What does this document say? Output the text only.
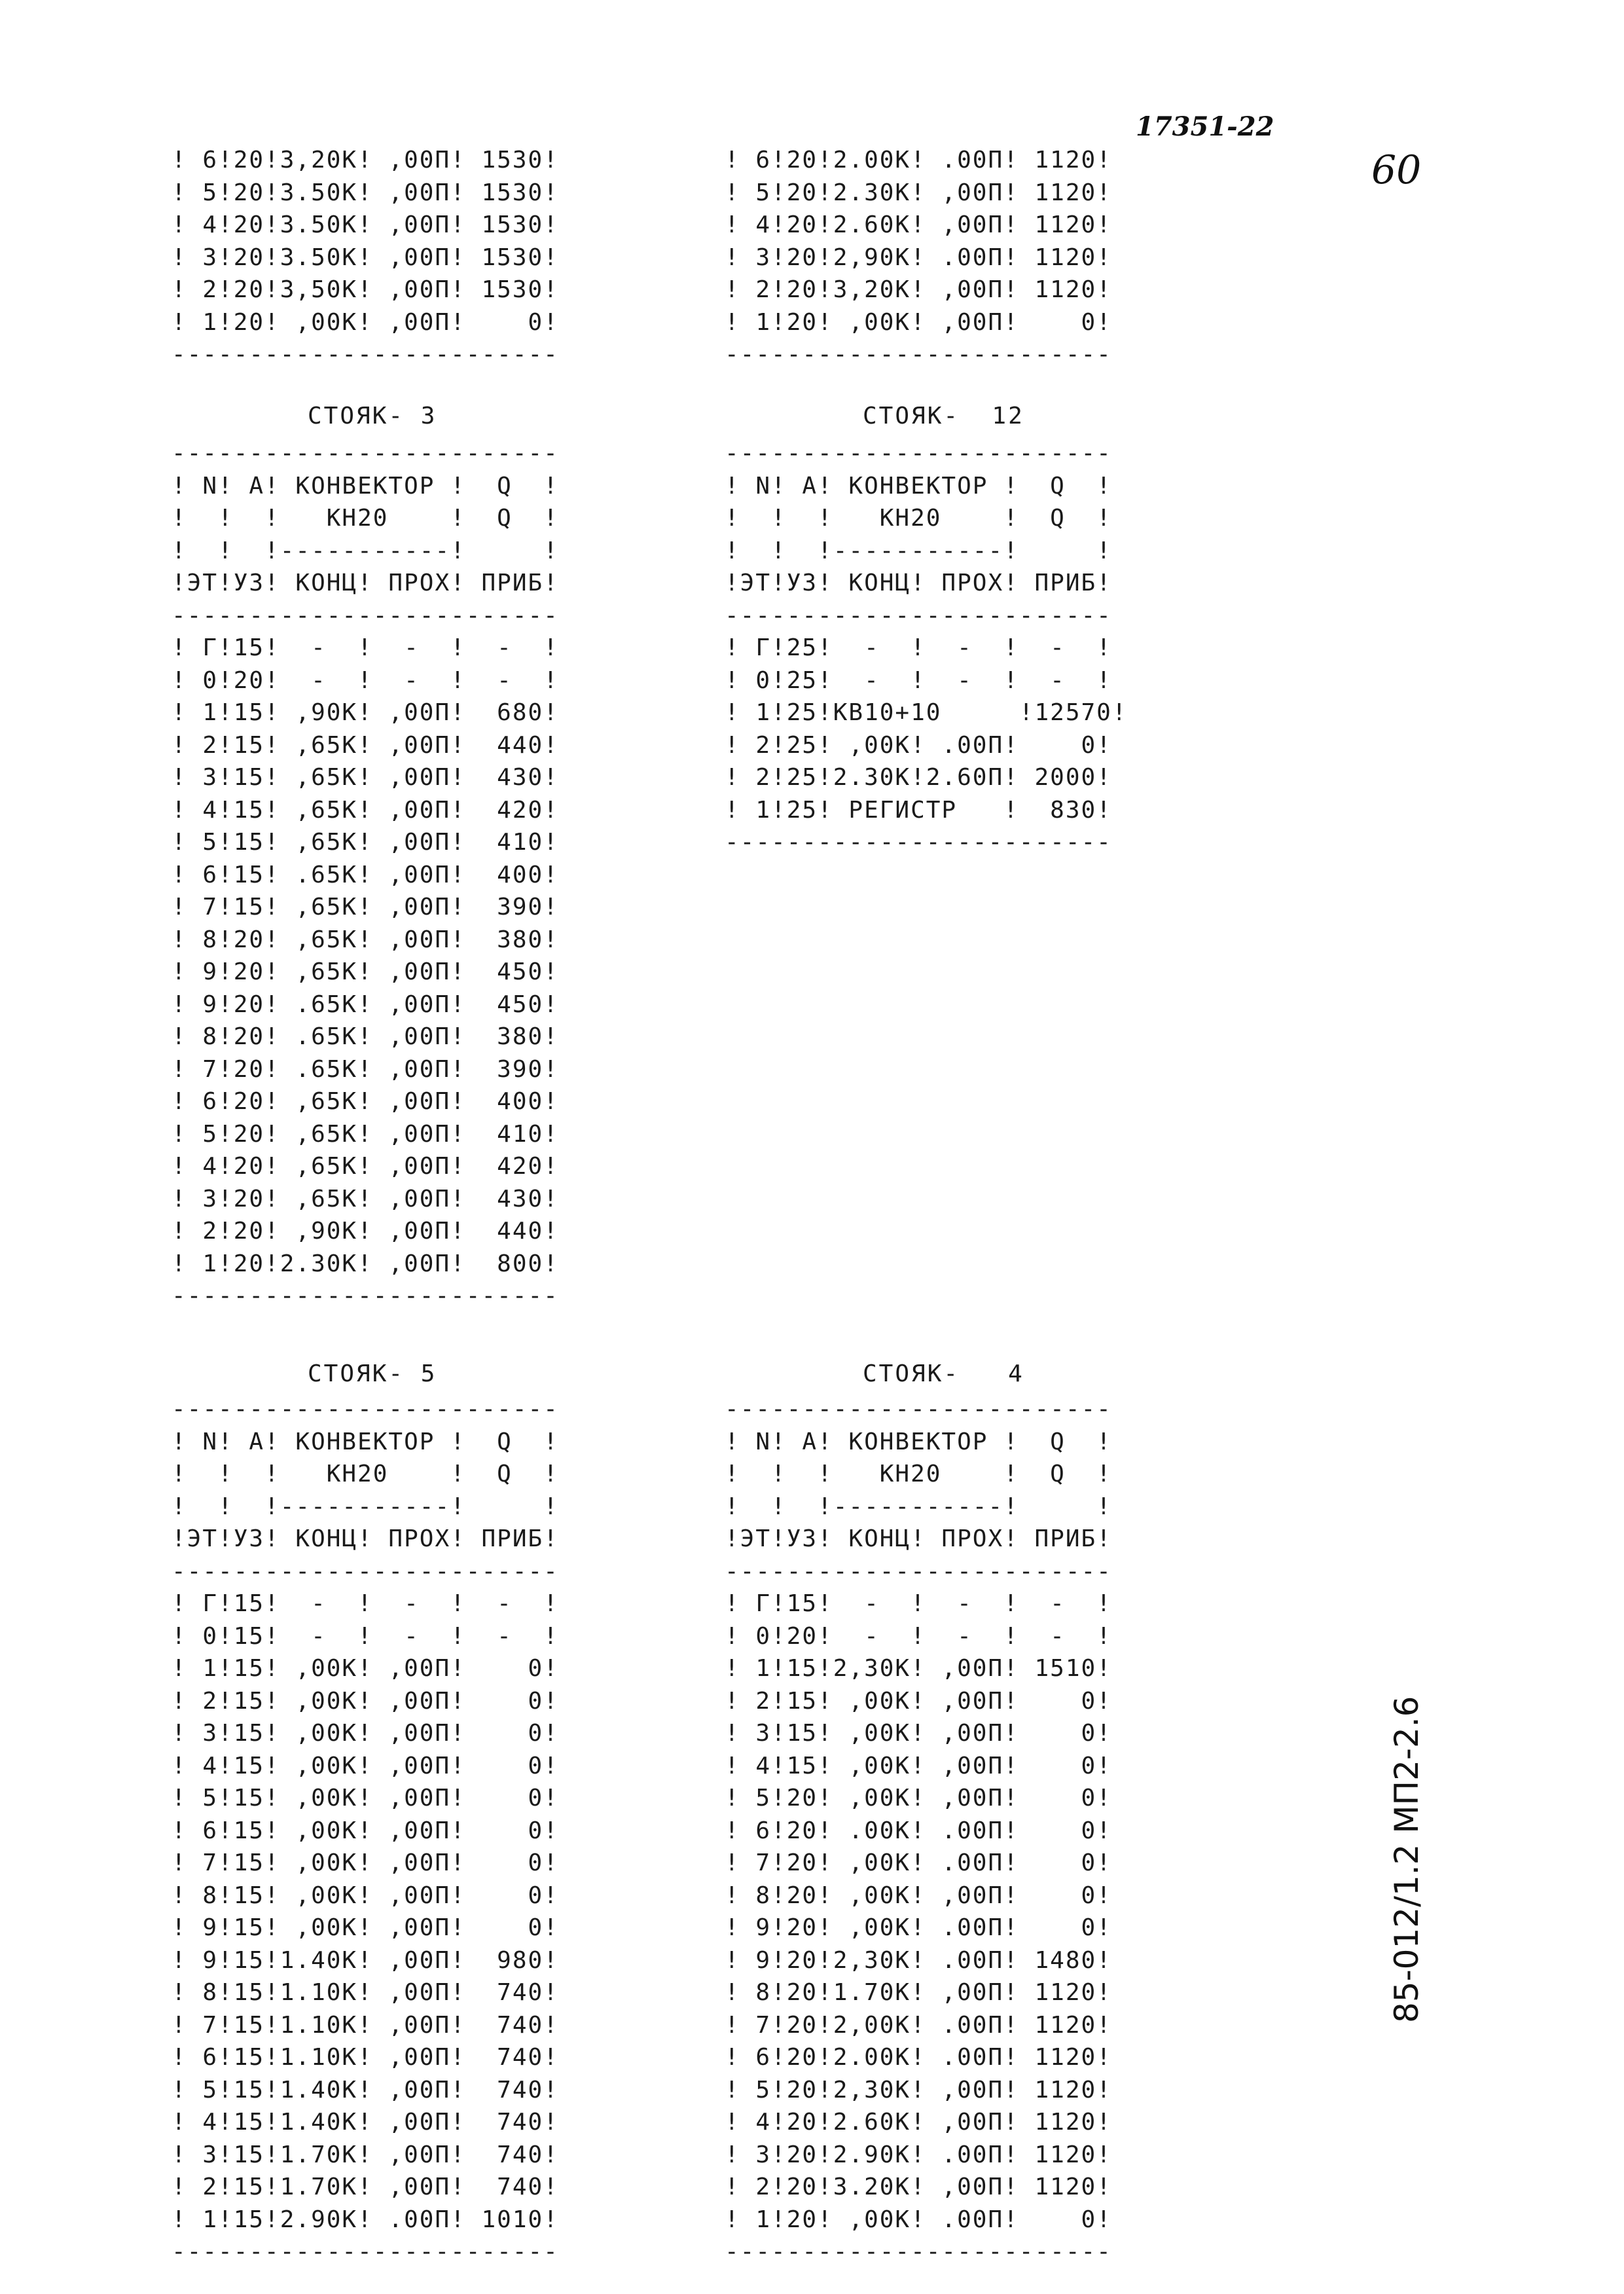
17351-22
60
85-012/1.2 МП2-2.6
! 6!20!3,20К! ,00П! 1530!
! 5!20!3.50К! ,00П! 1530!
! 4!20!3.50К! ,00П! 1530!
! 3!20!3.50К! ,00П! 1530!
! 2!20!3,50К! ,00П! 1530!
! 1!20! ,00К! ,00П!    0!
-------------------------
! 6!20!2.00К! .00П! 1120!
! 5!20!2.30К! ,00П! 1120!
! 4!20!2.60К! ,00П! 1120!
! 3!20!2,90К! .00П! 1120!
! 2!20!3,20К! ,00П! 1120!
! 1!20! ,00К! ,00П!    0!
-------------------------
СТОЯК- 3
-------------------------
! N! А! КОНВЕКТОР !  Q  !
!  !  !   КН20    !  Q  !
!  !  !-----------!     !
!ЭТ!УЗ! КОНЦ! ПРОХ! ПРИБ!
-------------------------
! Г!15!  -  !  -  !  -  !
! 0!20!  -  !  -  !  -  !
! 1!15! ,90К! ,00П!  680!
! 2!15! ,65К! ,00П!  440!
! 3!15! ,65К! ,00П!  430!
! 4!15! ,65К! ,00П!  420!
! 5!15! ,65К! ,00П!  410!
! 6!15! .65К! ,00П!  400!
! 7!15! ,65К! ,00П!  390!
! 8!20! ,65К! ,00П!  380!
! 9!20! ,65К! ,00П!  450!
! 9!20! .65К! ,00П!  450!
! 8!20! .65К! ,00П!  380!
! 7!20! .65К! ,00П!  390!
! 6!20! ,65К! ,00П!  400!
! 5!20! ,65К! ,00П!  410!
! 4!20! ,65К! ,00П!  420!
! 3!20! ,65К! ,00П!  430!
! 2!20! ,90К! ,00П!  440!
! 1!20!2.30К! ,00П!  800!
-------------------------
СТОЯК-  12
-------------------------
! N! А! КОНВЕКТОР !  Q  !
!  !  !   КН20    !  Q  !
!  !  !-----------!     !
!ЭТ!УЗ! КОНЦ! ПРОХ! ПРИБ!
-------------------------
! Г!25!  -  !  -  !  -  !
! 0!25!  -  !  -  !  -  !
! 1!25!КВ10+10     !12570!
! 2!25! ,00К! .00П!    0!
! 2!25!2.30К!2.60П! 2000!
! 1!25! РЕГИСТР   !  830!
-------------------------
СТОЯК- 5
-------------------------
! N! А! КОНВЕКТОР !  Q  !
!  !  !   КН20    !  Q  !
!  !  !-----------!     !
!ЭТ!УЗ! КОНЦ! ПРОХ! ПРИБ!
-------------------------
! Г!15!  -  !  -  !  -  !
! 0!15!  -  !  -  !  -  !
! 1!15! ,00К! ,00П!    0!
! 2!15! ,00К! ,00П!    0!
! 3!15! ,00К! ,00П!    0!
! 4!15! ,00К! ,00П!    0!
! 5!15! ,00К! ,00П!    0!
! 6!15! ,00К! ,00П!    0!
! 7!15! ,00К! ,00П!    0!
! 8!15! ,00К! ,00П!    0!
! 9!15! ,00К! ,00П!    0!
! 9!15!1.40К! ,00П!  980!
! 8!15!1.10К! ,00П!  740!
! 7!15!1.10К! ,00П!  740!
! 6!15!1.10К! ,00П!  740!
! 5!15!1.40К! ,00П!  740!
! 4!15!1.40К! ,00П!  740!
! 3!15!1.70К! ,00П!  740!
! 2!15!1.70К! ,00П!  740!
! 1!15!2.90К! .00П! 1010!
-------------------------
СТОЯК-   4
-------------------------
! N! А! КОНВЕКТОР !  Q  !
!  !  !   КН20    !  Q  !
!  !  !-----------!     !
!ЭТ!УЗ! КОНЦ! ПРОХ! ПРИБ!
-------------------------
! Г!15!  -  !  -  !  -  !
! 0!20!  -  !  -  !  -  !
! 1!15!2,30К! ,00П! 1510!
! 2!15! ,00К! ,00П!    0!
! 3!15! ,00К! ,00П!    0!
! 4!15! ,00К! ,00П!    0!
! 5!20! ,00К! ,00П!    0!
! 6!20! .00К! .00П!    0!
! 7!20! ,00К! .00П!    0!
! 8!20! ,00К! ,00П!    0!
! 9!20! ,00К! .00П!    0!
! 9!20!2,30К! .00П! 1480!
! 8!20!1.70К! ,00П! 1120!
! 7!20!2,00К! .00П! 1120!
! 6!20!2.00К! .00П! 1120!
! 5!20!2,30К! ,00П! 1120!
! 4!20!2.60К! ,00П! 1120!
! 3!20!2.90К! .00П! 1120!
! 2!20!3.20К! ,00П! 1120!
! 1!20! ,00К! .00П!    0!
-------------------------
